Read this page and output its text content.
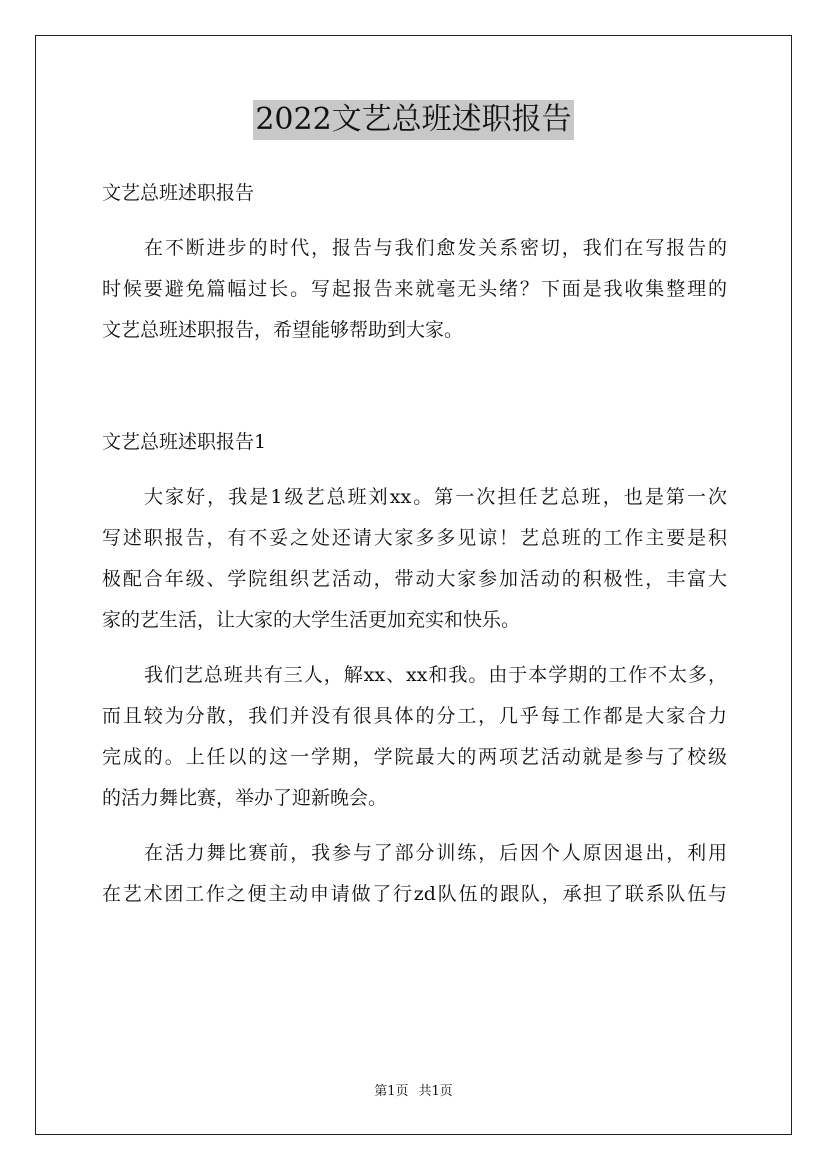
2022文艺总班述职报告
文艺总班述职报告
在不断进步的时代，报告与我们愈发关系密切，我们在写报告的
时候要避免篇幅过长。写起报告来就毫无头绪？下面是我收集整理的
文艺总班述职报告，希望能够帮助到大家。
文艺总班述职报告1
大家好，我是1级艺总班刘xx。第一次担任艺总班，也是第一次
写述职报告，有不妥之处还请大家多多见谅！艺总班的工作主要是积
极配合年级、学院组织艺活动，带动大家参加活动的积极性，丰富大
家的艺生活，让大家的大学生活更加充实和快乐。
我们艺总班共有三人，解xx、xx和我。由于本学期的工作不太多，
而且较为分散，我们并没有很具体的分工，几乎每工作都是大家合力
完成的。上任以的这一学期，学院最大的两项艺活动就是参与了校级
的活力舞比赛，举办了迎新晚会。
在活力舞比赛前，我参与了部分训练，后因个人原因退出，利用
在艺术团工作之便主动申请做了行zd队伍的跟队，承担了联系队伍与
第1页 共1页
